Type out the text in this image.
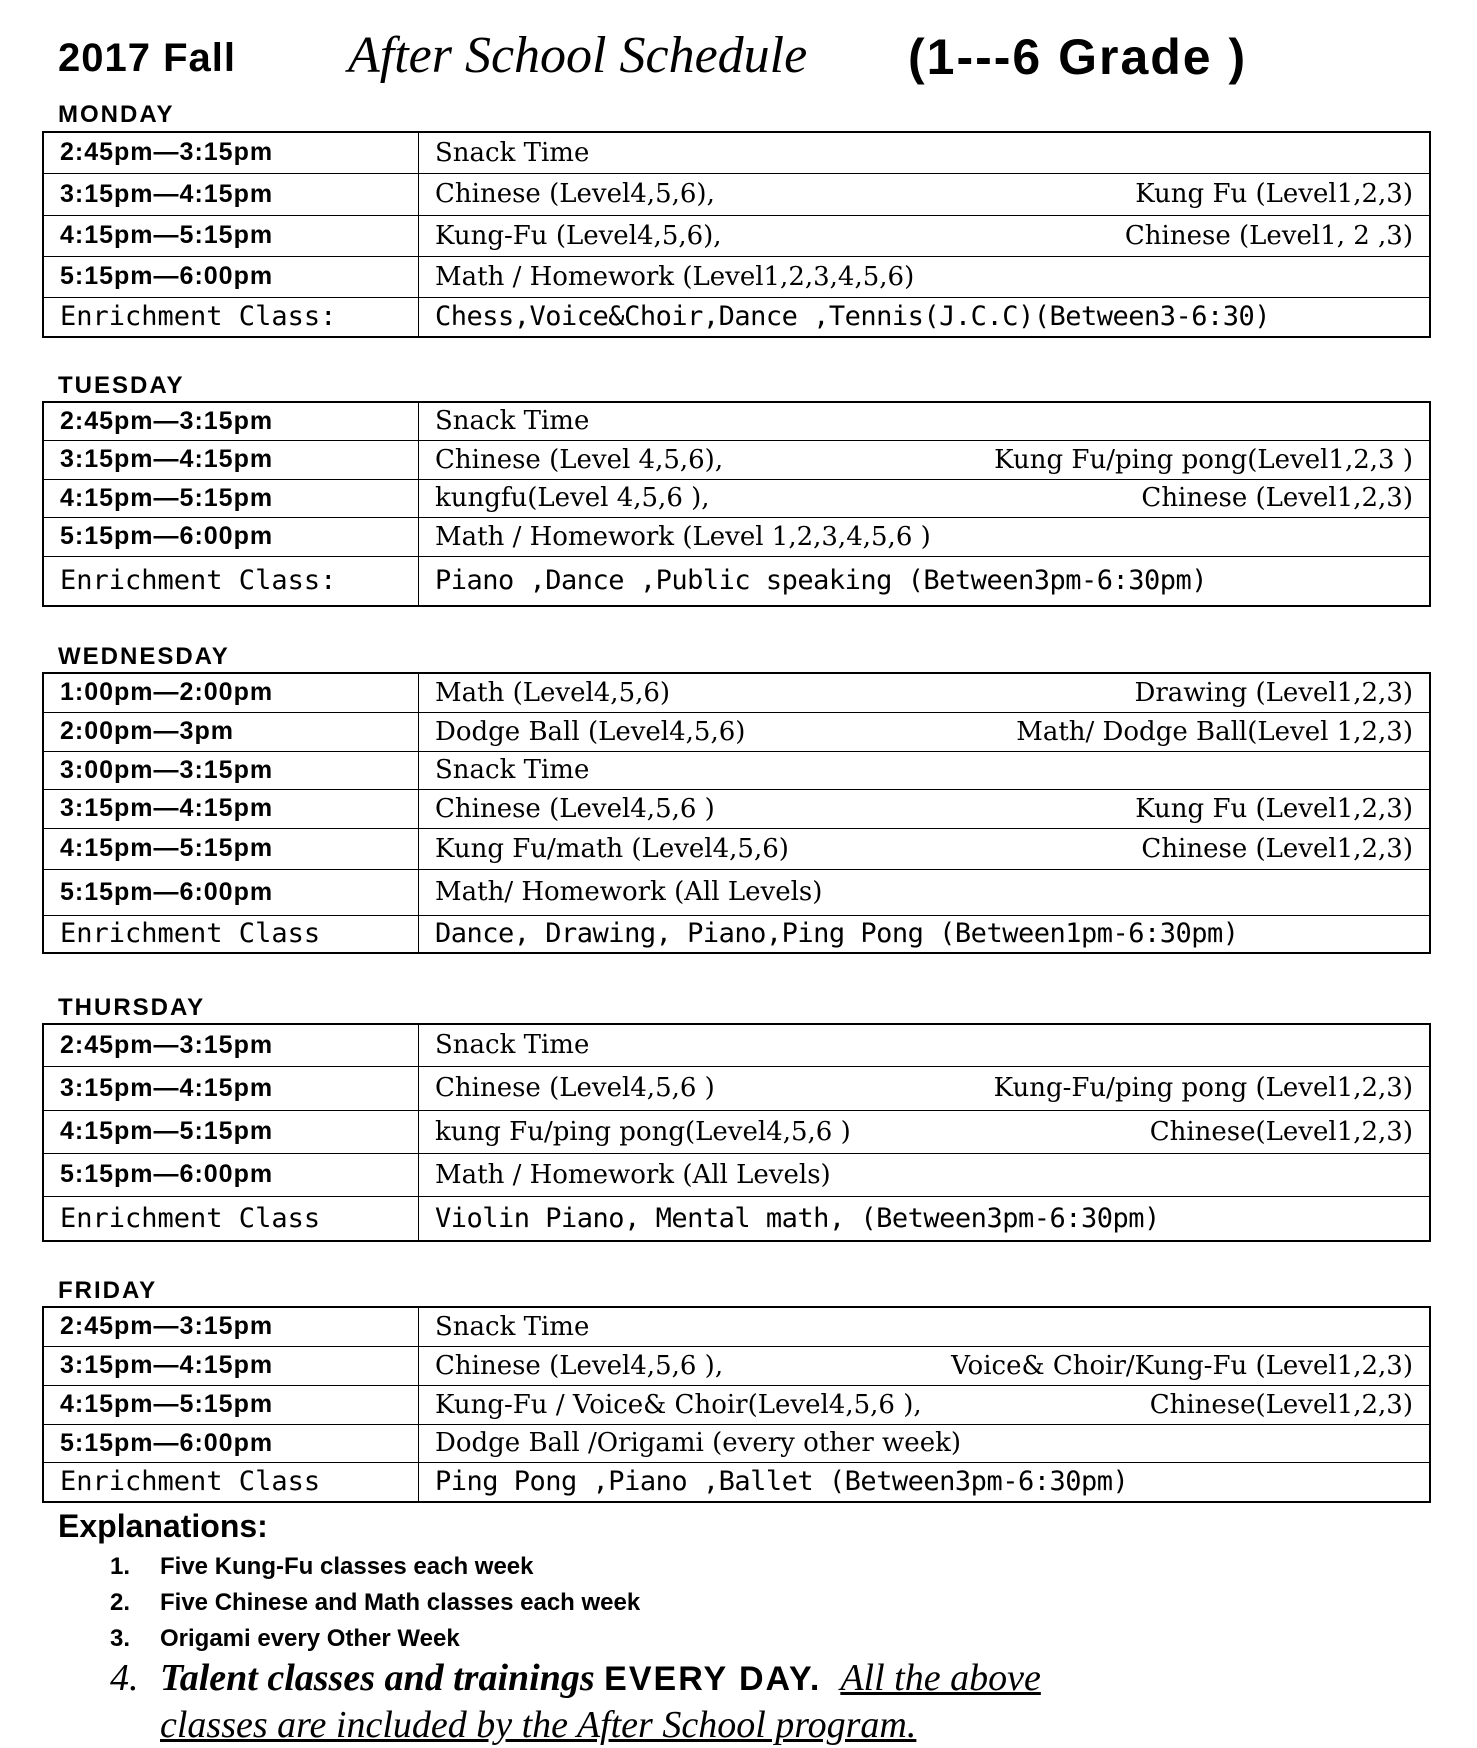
2017 Fall After School Schedule (1---6 Grade )
MONDAY
2:45pm—3:15pm	Snack Time

3:15pm—4:15pm	Chinese (Level4,5,6), Kung Fu (Level1,2,3)

4:15pm—5:15pm	Kung-Fu (Level4,5,6), Chinese (Level1, 2 ,3)

5:15pm—6:00pm	Math / Homework (Level1,2,3,4,5,6)

Enrichment Class:	Chess,Voice&Choir,Dance ,Tennis(J.C.C)(Between3-6:30)
TUESDAY
2:45pm—3:15pm	Snack Time

3:15pm—4:15pm	Chinese (Level 4,5,6), Kung Fu/ping pong(Level1,2,3 )

4:15pm—5:15pm	kungfu(Level 4,5,6 ), Chinese (Level1,2,3)

5:15pm—6:00pm	Math / Homework (Level 1,2,3,4,5,6 )

Enrichment Class:	Piano ,Dance ,Public speaking (Between3pm-6:30pm)
WEDNESDAY
1:00pm—2:00pm	Math (Level4,5,6) Drawing (Level1,2,3)

2:00pm—3pm	Dodge Ball (Level4,5,6) Math/ Dodge Ball(Level 1,2,3)

3:00pm—3:15pm	Snack Time

3:15pm—4:15pm	Chinese (Level4,5,6 ) Kung Fu (Level1,2,3)

4:15pm—5:15pm	Kung Fu/math (Level4,5,6) Chinese (Level1,2,3)

5:15pm—6:00pm	Math/ Homework (All Levels)

Enrichment Class	Dance, Drawing, Piano,Ping Pong (Between1pm-6:30pm)
THURSDAY
2:45pm—3:15pm	Snack Time

3:15pm—4:15pm	Chinese (Level4,5,6 ) Kung-Fu/ping pong (Level1,2,3)

4:15pm—5:15pm	kung Fu/ping pong(Level4,5,6 ) Chinese(Level1,2,3)

5:15pm—6:00pm	Math / Homework (All Levels)

Enrichment Class	Violin Piano, Mental math, (Between3pm-6:30pm)
FRIDAY
2:45pm—3:15pm	Snack Time

3:15pm—4:15pm	Chinese (Level4,5,6 ), Voice& Choir/Kung-Fu (Level1,2,3)

4:15pm—5:15pm	Kung-Fu / Voice& Choir(Level4,5,6 ), Chinese(Level1,2,3)

5:15pm—6:00pm	Dodge Ball /Origami (every other week)

Enrichment Class	Ping Pong ,Piano ,Ballet (Between3pm-6:30pm)
Explanations:
1.	Five Kung-Fu classes each week
2.	Five Chinese and Math classes each week
3.	Origami every Other Week
4. Talent classes and trainings EVERY DAY. All the above
classes are included by the After School program.
